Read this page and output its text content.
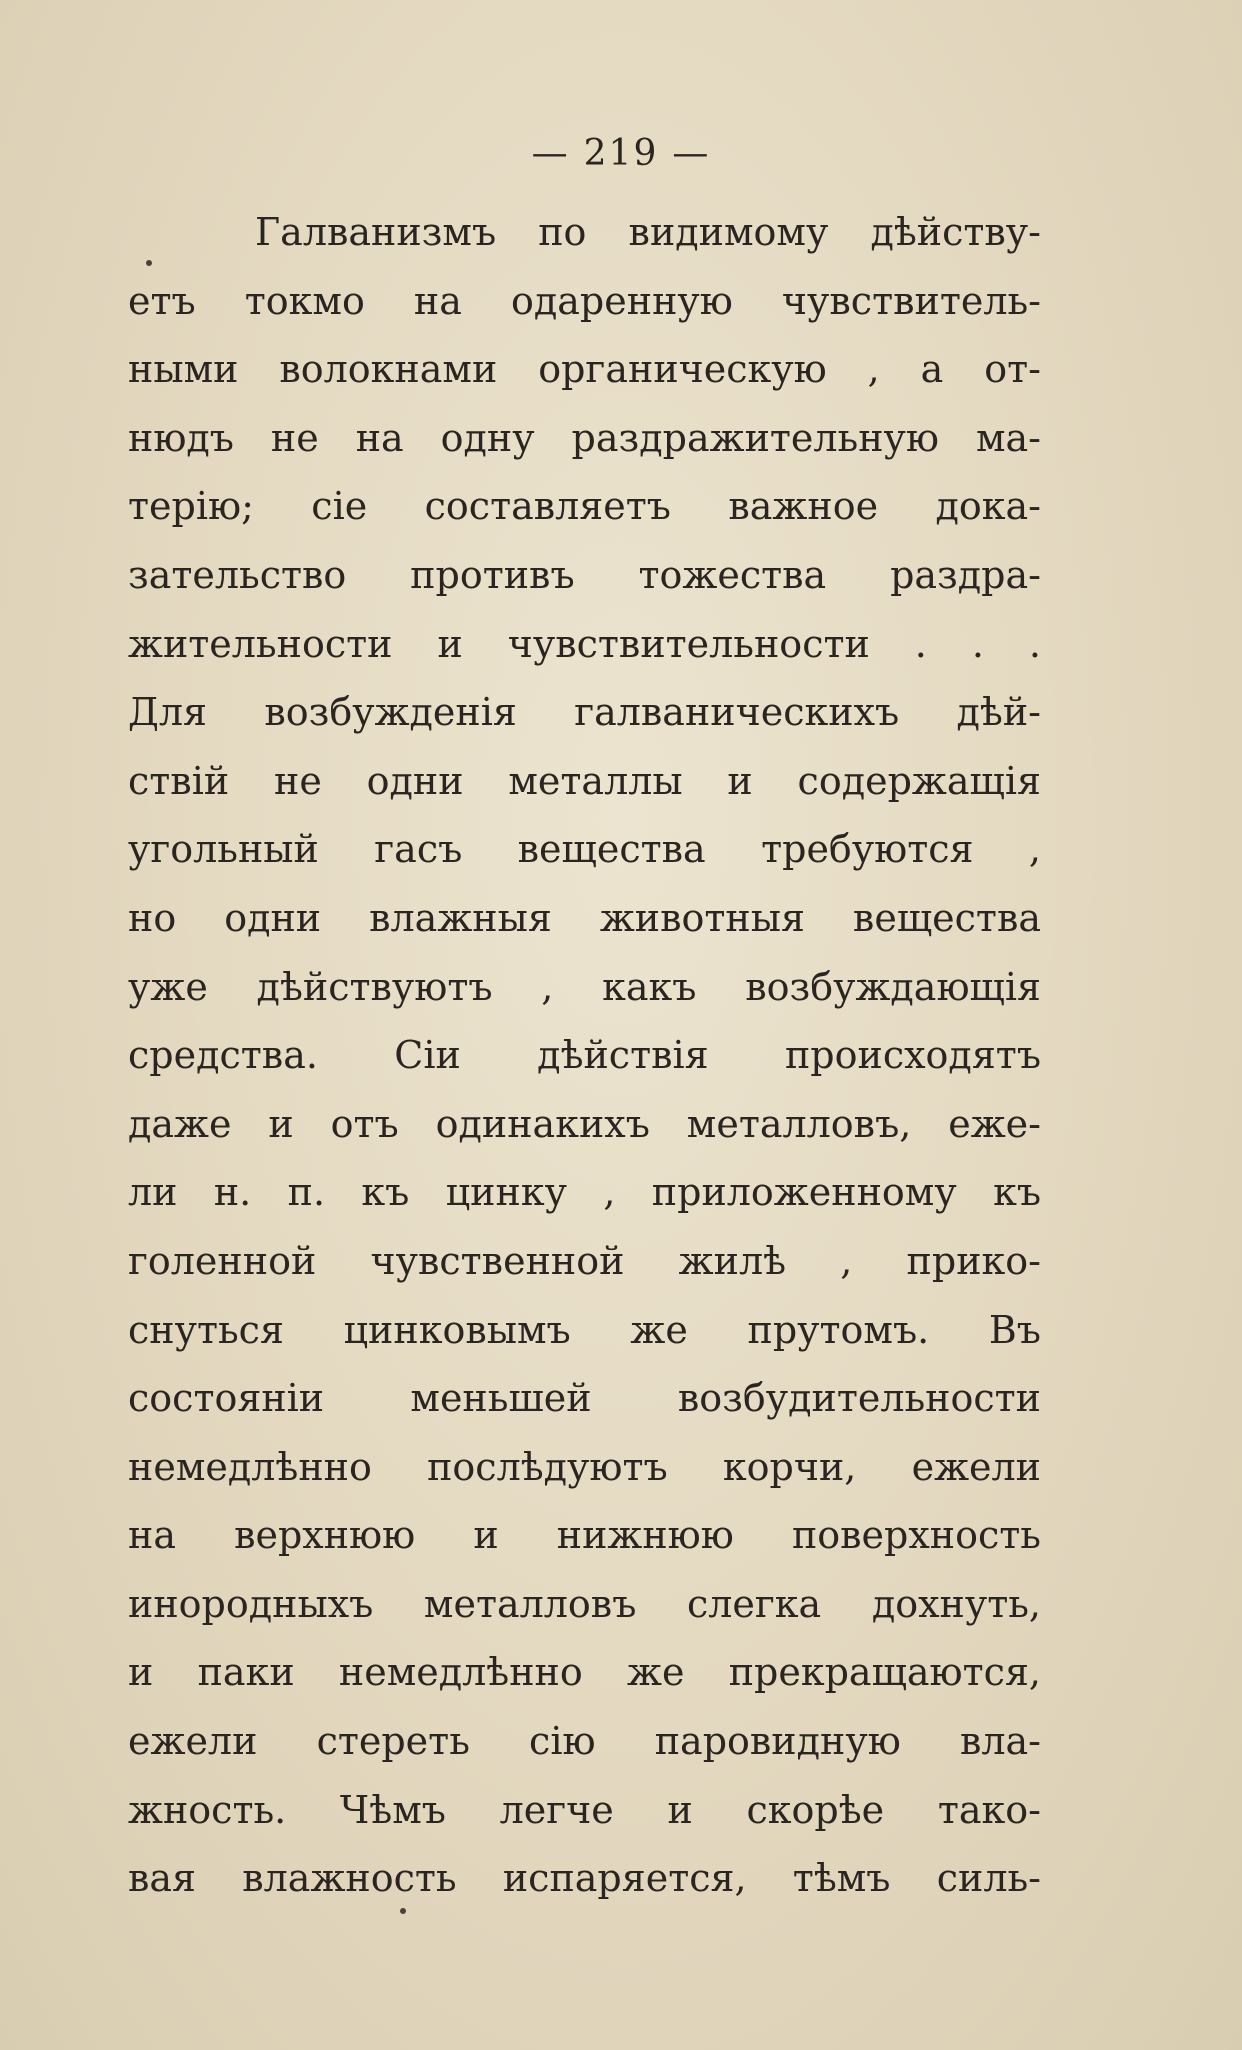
— 219 —
Галванизмъ по видимому дѣйству-
етъ токмо на одаренную чувствитель-
ными волокнами органическую , а от-
нюдъ не на одну раздражительную ма-
терію; сіе составляетъ важное дока-
зательство противъ тожества раздра-
жительности и чувствительности . . .
Для возбужденія галваническихъ дѣй-
ствій не одни металлы и содержащія
угольный гасъ вещества требуются ,
но одни влажныя животныя вещества
уже дѣйствуютъ , какъ возбуждающія
средства. Сіи дѣйствія происходятъ
даже и отъ одинакихъ металловъ, еже-
ли н. п. къ цинку , приложенному къ
голенной чувственной жилѣ , прико-
снуться цинковымъ же прутомъ. Въ
состояніи меньшей возбудительности
немедлѣнно послѣдуютъ корчи, ежели
на верхнюю и нижнюю поверхность
инородныхъ металловъ слегка дохнуть,
и паки немедлѣнно же прекращаются,
ежели стереть сію паровидную вла-
жность. Чѣмъ легче и скорѣе тако-
вая влажность испаряется, тѣмъ силь-
